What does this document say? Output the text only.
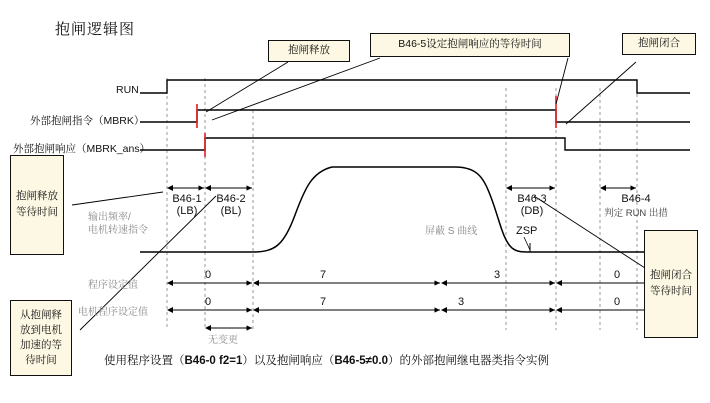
抱闸逻辑图
抱闸释放	B46-5设定抱闸响应的等待时间	抱闸闭合
抱闸释放等待时间
从抱闸释放到电机加速的等待时间
抱闸闭合等待时间
RUN
外部抱闸指令（MBRK）
外部抱闸响应（MBRK_ans）
输出频率/
电机转速指令
程序设定值
电机程序设定值
B46-1
(LB)
B46-2
(BL)
B46-3
(DB)
B46-4
判定 RUN 出措
ZSP
屏蔽 S 曲线
无变更
0	7	3	0
0	7	3	0
使用程序设置（B46-0 f2=1）以及抱闸响应（B46-5≠0.0）的外部抱闸继电器类指令实例
